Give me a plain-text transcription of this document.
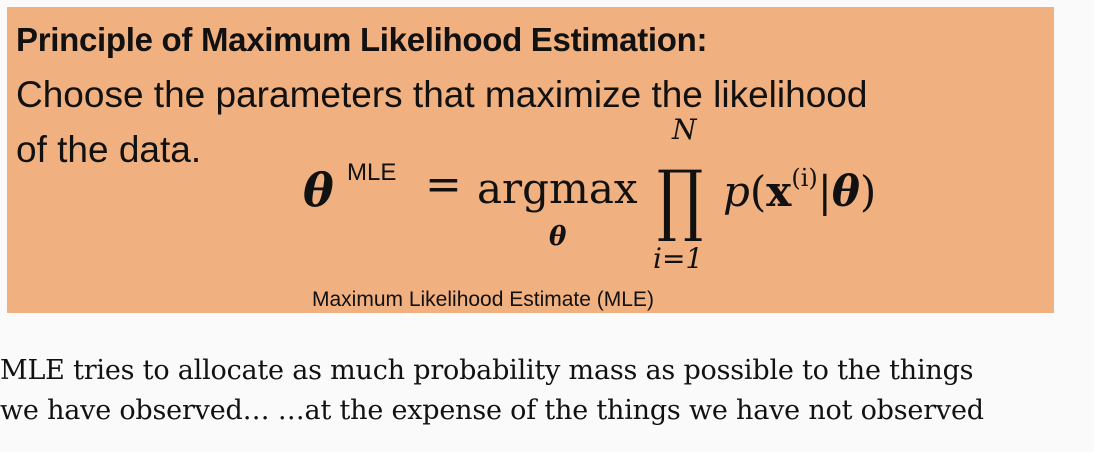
Principle of Maximum Likelihood Estimation:
Choose the parameters that maximize the likelihood
of the data.
θ MLE = argmax
θ
N
∏
i=1
$p(x^{(i)}|\theta)$
Maximum Likelihood Estimate (MLE)
MLE tries to allocate as much probability mass as possible to the things
we have observed… …at the expense of the things we have not observed
